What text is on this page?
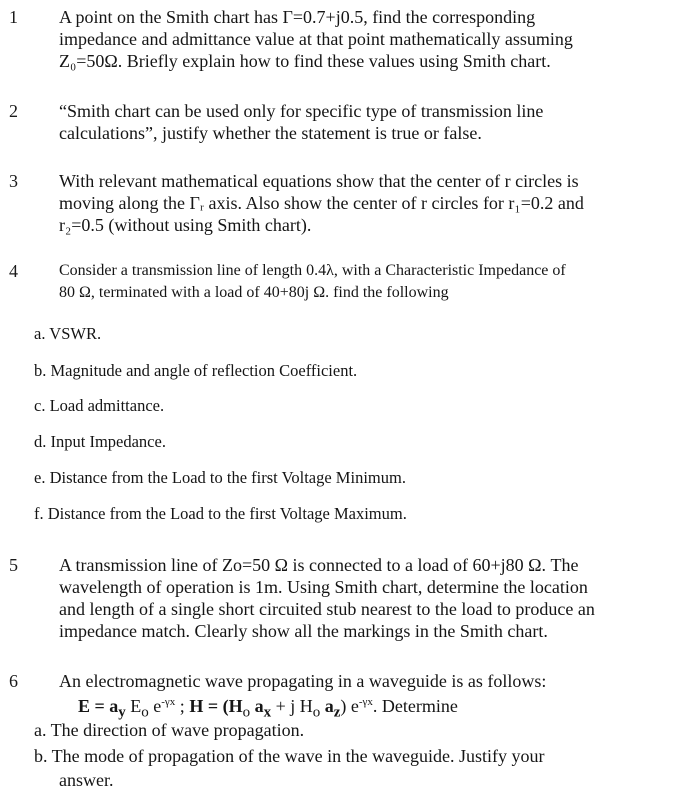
1 A point on the Smith chart has Γ=0.7+j0.5, find the corresponding
impedance and admittance value at that point mathematically assuming
Z₀=50Ω. Briefly explain how to find these values using Smith chart.
2 “Smith chart can be used only for specific type of transmission line
calculations”, justify whether the statement is true or false.
3 With relevant mathematical equations show that the center of r circles is
moving along the Γᵣ axis. Also show the center of r circles for r₁=0.2 and
r₂=0.5 (without using Smith chart).
4	Consider a transmission line of length 0.4λ, with a Characteristic Impedance of
80 Ω, terminated with a load of 40+80j Ω. find the following
a. VSWR.
b. Magnitude and angle of reflection Coefficient.
c. Load admittance.
d. Input Impedance.
e. Distance from the Load to the first Voltage Minimum.
f. Distance from the Load to the first Voltage Maximum.
5 A transmission line of Zo=50 Ω is connected to a load of 60+j80 Ω. The
wavelength of operation is 1m. Using Smith chart, determine the location
and length of a single short circuited stub nearest to the load to produce an
impedance match. Clearly show all the markings in the Smith chart.
6 An electromagnetic wave propagating in a waveguide is as follows:
$E = a_y$ $E_o$ $e^{-\gamma x}$ ; $H = (H_o$ $a_x + j$ $H_o$ $a_z$) $e^{-\gamma x}$. Determine
a. The direction of wave propagation.
b. The mode of propagation of the wave in the waveguide. Justify your
answer.
